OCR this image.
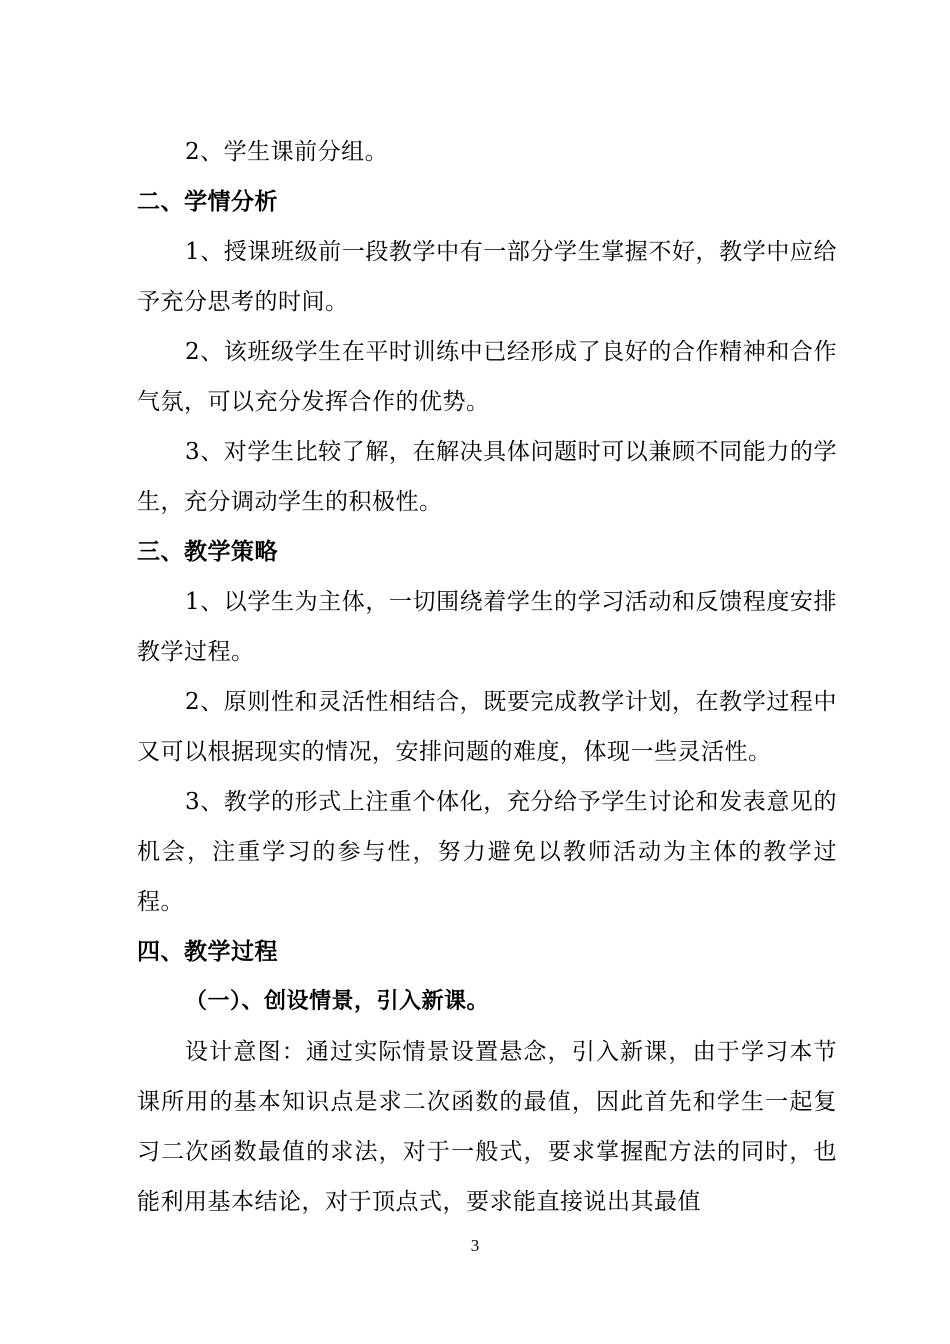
2、学生课前分组。

二、学情分析

1、授课班级前一段教学中有一部分学生掌握不好，教学中应给予充分思考的时间。

2、该班级学生在平时训练中已经形成了良好的合作精神和合作气氛，可以充分发挥合作的优势。

3、对学生比较了解，在解决具体问题时可以兼顾不同能力的学生，充分调动学生的积极性。

三、教学策略

1、以学生为主体，一切围绕着学生的学习活动和反馈程度安排教学过程。

2、原则性和灵活性相结合，既要完成教学计划，在教学过程中又可以根据现实的情况，安排问题的难度，体现一些灵活性。

3、教学的形式上注重个体化，充分给予学生讨论和发表意见的机会，注重学习的参与性，努力避免以教师活动为主体的教学过程。

四、教学过程

（一）、创设情景，引入新课。

设计意图：通过实际情景设置悬念，引入新课，由于学习本节课所用的基本知识点是求二次函数的最值，因此首先和学生一起复习二次函数最值的求法，对于一般式，要求掌握配方法的同时，也能利用基本结论，对于顶点式，要求能直接说出其最值

3
